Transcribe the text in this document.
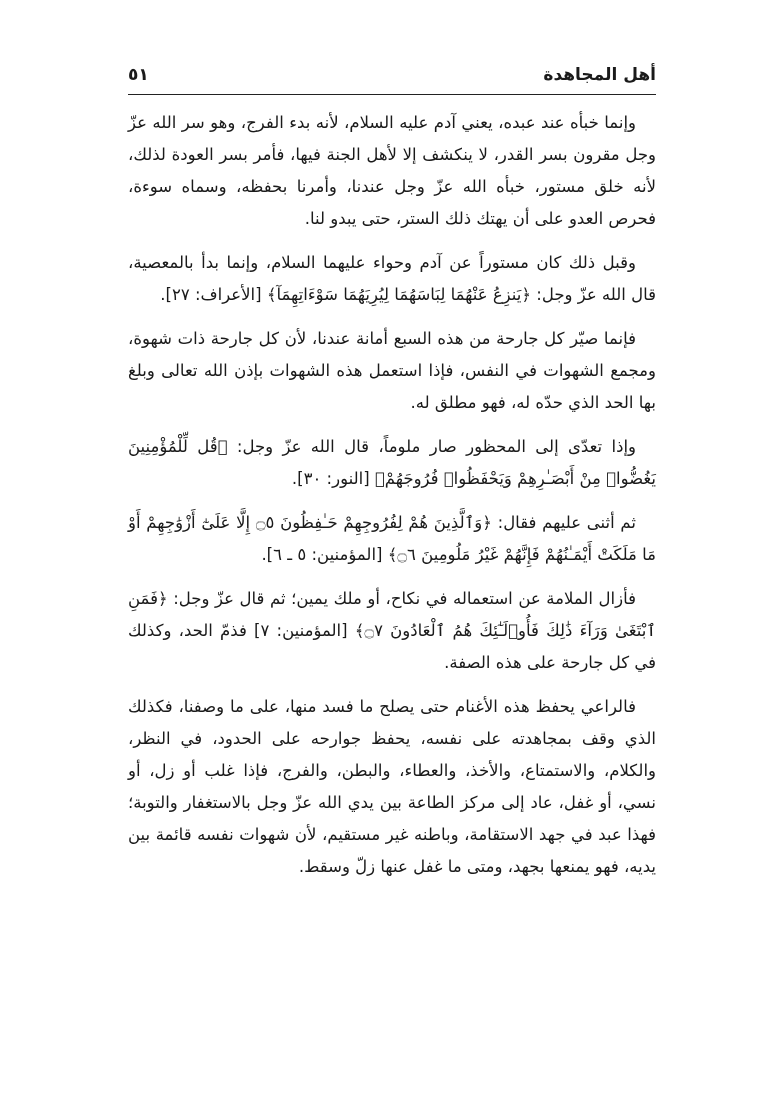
أهل المجاهدة
٥١

وإنما خبأه عند عبده، يعني آدم عليه السلام، لأنه بدء الفرج، وهو سر الله عزّ وجل مقرون بسر القدر، لا ينكشف إلا لأهل الجنة فيها، فأمر بسر العودة لذلك، لأنه خلق مستور، خبأه الله عزّ وجل عندنا، وأمرنا بحفظه، وسماه سوءة، فحرص العدو على أن يهتك ذلك الستر، حتى يبدو لنا.

وقبل ذلك كان مستوراً عن آدم وحواء عليهما السلام، وإنما بدأ بالمعصية، قال الله عزّ وجل: ﴿يَنزِعُ عَنْهُمَا لِبَاسَهُمَا لِيُرِيَهُمَا سَوْءَاتِهِمَآ﴾ [الأعراف: ٢٧].

فإنما صيّر كل جارحة من هذه السبع أمانة عندنا، لأن كل جارحة ذات شهوة، ومجمع الشهوات في النفس، فإذا استعمل هذه الشهوات بإذن الله تعالى وبلغ بها الحد الذي حدّه له، فهو مطلق له.

وإذا تعدّى إلى المحظور صار ملوماً، قال الله عزّ وجل: ﴿قُل لِّلْمُؤْمِنِينَ يَغُضُّوا۟ مِنْ أَبْصَـٰرِهِمْ وَيَحْفَظُوا۟ فُرُوجَهُمْ﴾ [النور: ٣٠].

ثم أثنى عليهم فقال: ﴿وَٱلَّذِينَ هُمْ لِفُرُوجِهِمْ حَـٰفِظُونَ ۝٥ إِلَّا عَلَىٰٓ أَزْوَٰجِهِمْ أَوْ مَا مَلَكَتْ أَيْمَـٰنُهُمْ فَإِنَّهُمْ غَيْرُ مَلُومِينَ ۝٦﴾ [المؤمنين: ٥ ـ ٦].

فأزال الملامة عن استعماله في نكاح، أو ملك يمين؛ ثم قال عزّ وجل: ﴿فَمَنِ ٱبْتَغَىٰ وَرَآءَ ذَٰلِكَ فَأُو۟لَـٰٓئِكَ هُمُ ٱلْعَادُونَ ۝٧﴾ [المؤمنين: ٧] فذمّ الحد، وكذلك في كل جارحة على هذه الصفة.

فالراعي يحفظ هذه الأغنام حتى يصلح ما فسد منها، على ما وصفنا، فكذلك الذي وقف بمجاهدته على نفسه، يحفظ جوارحه على الحدود، في النظر، والكلام، والاستمتاع، والأخذ، والعطاء، والبطن، والفرج، فإذا غلب أو زل، أو نسي، أو غفل، عاد إلى مركز الطاعة بين يدي الله عزّ وجل بالاستغفار والتوبة؛ فهذا عبد في جهد الاستقامة، وباطنه غير مستقيم، لأن شهوات نفسه قائمة بين يديه، فهو يمنعها بجهد، ومتى ما غفل عنها زلّ وسقط.
